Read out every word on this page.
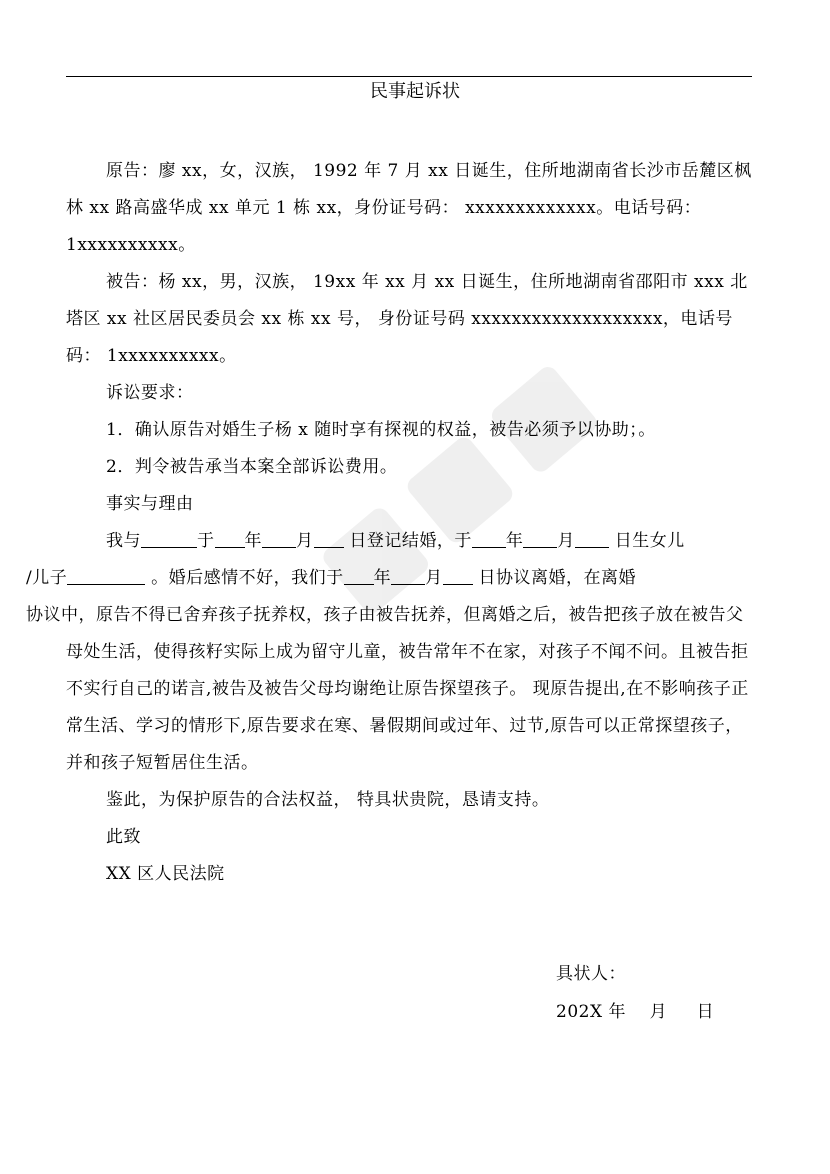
民事起诉状

原告：廖 xx，女，汉族， 1992 年 7 月 xx 日诞生，住所地湖南省长沙市岳麓区枫林 xx 路高盛华成 xx 单元 1 栋 xx，身份证号码： xxxxxxxxxxxxx。电话号码：1xxxxxxxxxx。

被告：杨 xx，男，汉族， 19xx 年 xx 月 xx 日诞生，住所地湖南省邵阳市 xxx 北塔区 xx 社区居民委员会 xx 栋 xx 号， 身份证号码 xxxxxxxxxxxxxxxxxxx，电话号码： 1xxxxxxxxxx。

诉讼要求：

1．确认原告对婚生子杨 x 随时享有探视的权益，被告必须予以协助；。

2．判令被告承当本案全部诉讼费用。

事实与理由

我与	于 年 月 日登记结婚，于 年 月 日生女儿
/儿子	。婚后感情不好，我们于 年 月 日协议离婚，在离婚
协议中，原告不得已舍弃孩子抚养权，孩子由被告抚养，但离婚之后，被告把孩子放在被告父母处生活，使得孩籽实际上成为留守儿童，被告常年不在家，对孩子不闻不问。且被告拒不实行自己的诺言,被告及被告父母均谢绝让原告探望孩子。 现原告提出,在不影响孩子正常生活、学习的情形下,原告要求在寒、暑假期间或过年、过节,原告可以正常探望孩子， 并和孩子短暂居住生活。

鉴此，为保护原告的合法权益， 特具状贵院，恳请支持。

此致

XX 区人民法院

具状人：
202X 年    月     日
